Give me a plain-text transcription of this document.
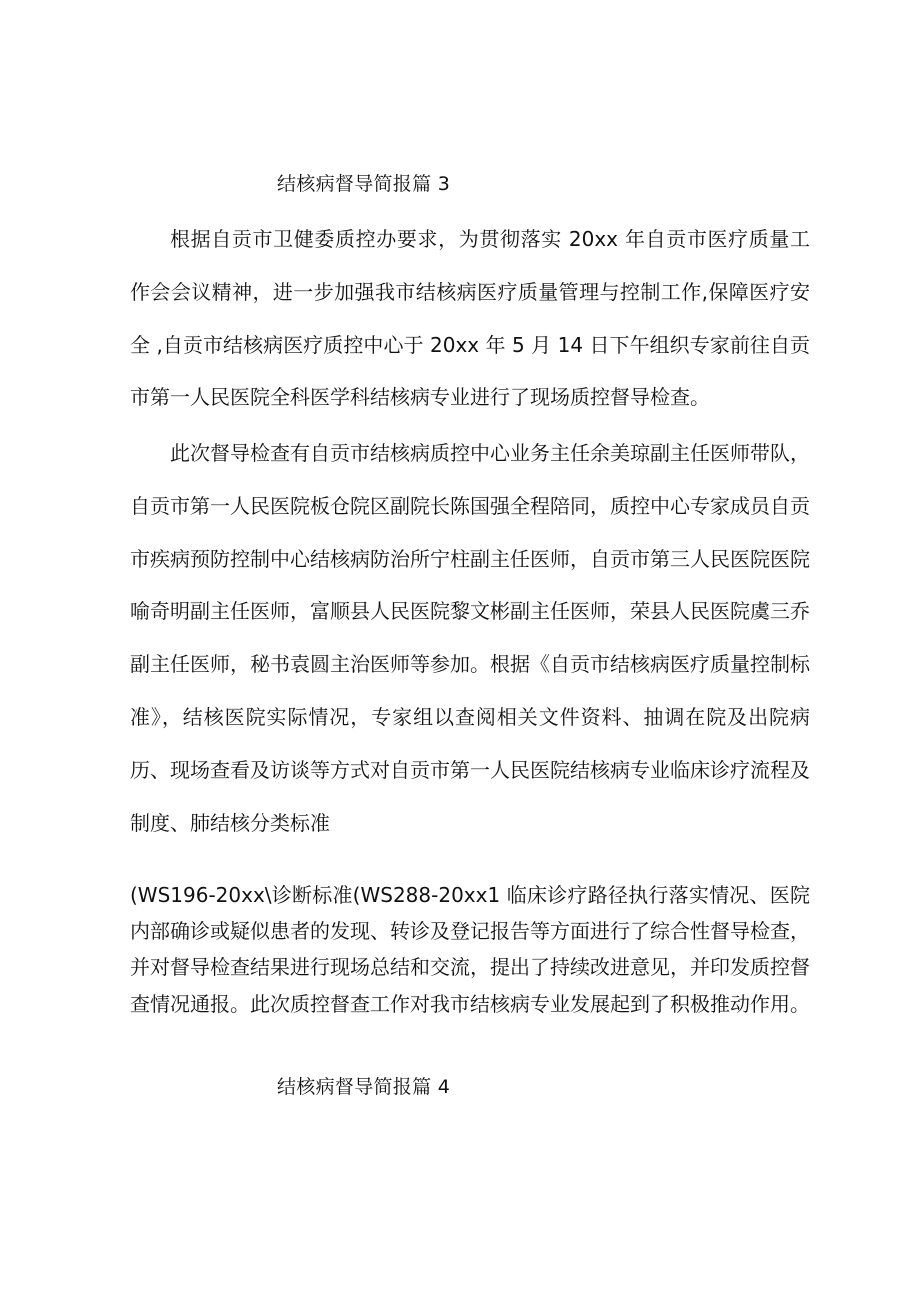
结核病督导简报篇 3

根据自贡市卫健委质控办要求，为贯彻落实 20xx 年自贡市医疗质量工作会会议精神，进一步加强我市结核病医疗质量管理与控制工作,保障医疗安全 ,自贡市结核病医疗质控中心于 20xx 年 5 月 14 日下午组织专家前往自贡市第一人民医院全科医学科结核病专业进行了现场质控督导检查。

此次督导检查有自贡市结核病质控中心业务主任余美琼副主任医师带队，自贡市第一人民医院板仓院区副院长陈国强全程陪同，质控中心专家成员自贡市疾病预防控制中心结核病防治所宁柱副主任医师，自贡市第三人民医院医院喻奇明副主任医师，富顺县人民医院黎文彬副主任医师，荣县人民医院虞三乔副主任医师，秘书袁圆主治医师等参加。根据《自贡市结核病医疗质量控制标准》，结核医院实际情况，专家组以查阅相关文件资料、抽调在院及出院病历、现场查看及访谈等方式对自贡市第一人民医院结核病专业临床诊疗流程及制度、肺结核分类标准

(WS196-20xx\诊断标准(WS288-20xx1 临床诊疗路径执行落实情况、医院内部确诊或疑似患者的发现、转诊及登记报告等方面进行了综合性督导检查，并对督导检查结果进行现场总结和交流，提出了持续改进意见，并印发质控督查情况通报。此次质控督查工作对我市结核病专业发展起到了积极推动作用。

结核病督导简报篇 4
